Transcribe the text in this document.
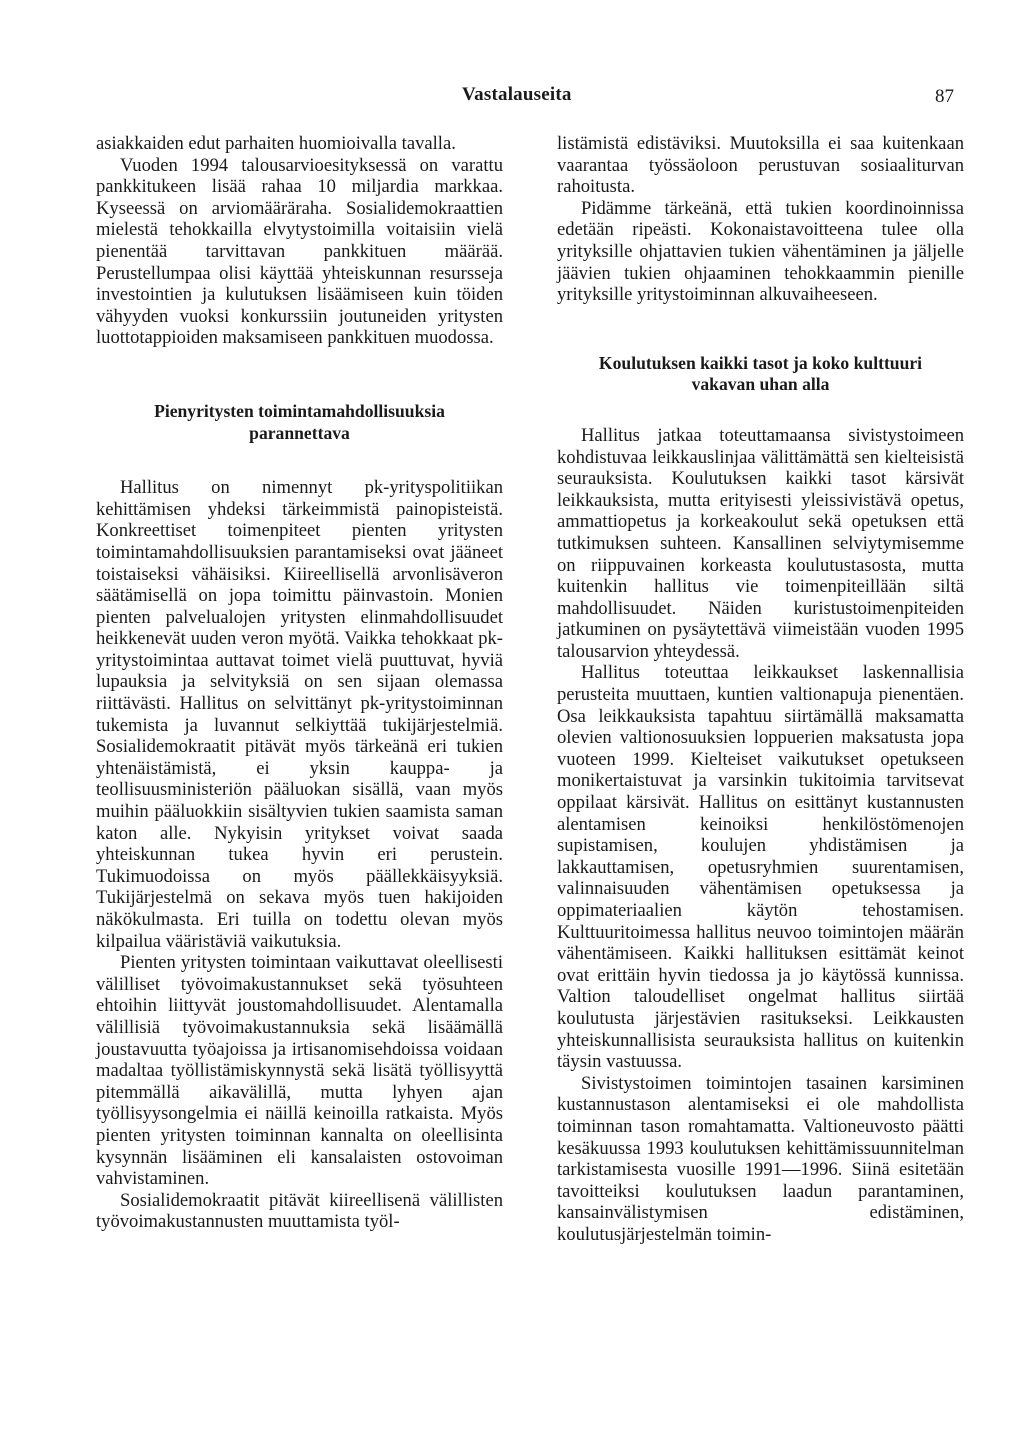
Vastalauseita	87

asiakkaiden edut parhaiten huomioivalla tavalla.

Vuoden 1994 talousarvioesityksessä on varattu pankkitukeen lisää rahaa 10 miljardia markkaa. Kyseessä on arviomääräraha. Sosialidemokraattien mielestä tehokkailla elvytystoimilla voitaisiin vielä pienentää tarvittavan pankkituen määrää. Perustellumpaa olisi käyttää yhteiskunnan resursseja investointien ja kulutuksen lisäämiseen kuin töiden vähyyden vuoksi konkurssiin joutuneiden yritysten luottotappioiden maksamiseen pankkituen muodossa.

Pienyritysten toimintamahdollisuuksia parannettava

Hallitus on nimennyt pk-yrityspolitiikan kehittämisen yhdeksi tärkeimmistä painopisteistä. Konkreettiset toimenpiteet pienten yritysten toimintamahdollisuuksien parantamiseksi ovat jääneet toistaiseksi vähäisiksi. Kiireellisellä arvonlisäveron säätämisellä on jopa toimittu päinvastoin. Monien pienten palvelualojen yritysten elinmahdollisuudet heikkenevät uuden veron myötä. Vaikka tehokkaat pk-yritystoimintaa auttavat toimet vielä puuttuvat, hyviä lupauksia ja selvityksiä on sen sijaan olemassa riittävästi. Hallitus on selvittänyt pk-yritystoiminnan tukemista ja luvannut selkiyttää tukijärjestelmiä. Sosialidemokraatit pitävät myös tärkeänä eri tukien yhtenäistämistä, ei yksin kauppa- ja teollisuusministeriön pääluokan sisällä, vaan myös muihin pääluokkiin sisältyvien tukien saamista saman katon alle. Nykyisin yritykset voivat saada yhteiskunnan tukea hyvin eri perustein. Tukimuodoissa on myös päällekkäisyyksiä. Tukijärjestelmä on sekava myös tuen hakijoiden näkökulmasta. Eri tuilla on todettu olevan myös kilpailua vääristäviä vaikutuksia.

Pienten yritysten toimintaan vaikuttavat oleellisesti välilliset työvoimakustannukset sekä työsuhteen ehtoihin liittyvät joustomahdollisuudet. Alentamalla välillisiä työvoimakustannuksia sekä lisäämällä joustavuutta työajoissa ja irtisanomisehdoissa voidaan madaltaa työllistämiskynnystä sekä lisätä työllisyyttä pitemmällä aikavälillä, mutta lyhyen ajan työllisyysongelmia ei näillä keinoilla ratkaista. Myös pienten yritysten toiminnan kannalta on oleellisinta kysynnän lisääminen eli kansalaisten ostovoiman vahvistaminen.

Sosialidemokraatit pitävät kiireellisenä välillisten työvoimakustannusten muuttamista työl-

listämistä edistäviksi. Muutoksilla ei saa kuitenkaan vaarantaa työssäoloon perustuvan sosiaaliturvan rahoitusta.

Pidämme tärkeänä, että tukien koordinoinnissa edetään ripeästi. Kokonaistavoitteena tulee olla yrityksille ohjattavien tukien vähentäminen ja jäljelle jäävien tukien ohjaaminen tehokkaammin pienille yrityksille yritystoiminnan alkuvaiheeseen.

Koulutuksen kaikki tasot ja koko kulttuuri vakavan uhan alla

Hallitus jatkaa toteuttamaansa sivistystoimeen kohdistuvaa leikkauslinjaa välittämättä sen kielteisistä seurauksista. Koulutuksen kaikki tasot kärsivät leikkauksista, mutta erityisesti yleissivistävä opetus, ammattiopetus ja korkeakoulut sekä opetuksen että tutkimuksen suhteen. Kansallinen selviytymisemme on riippuvainen korkeasta koulutustasosta, mutta kuitenkin hallitus vie toimenpiteillään siltä mahdollisuudet. Näiden kuristustoimenpiteiden jatkuminen on pysäytettävä viimeistään vuoden 1995 talousarvion yhteydessä.

Hallitus toteuttaa leikkaukset laskennallisia perusteita muuttaen, kuntien valtionapuja pienentäen. Osa leikkauksista tapahtuu siirtämällä maksamatta olevien valtionosuuksien loppuerien maksatusta jopa vuoteen 1999. Kielteiset vaikutukset opetukseen monikertaistuvat ja varsinkin tukitoimia tarvitsevat oppilaat kärsivät. Hallitus on esittänyt kustannusten alentamisen keinoiksi henkilöstömenojen supistamisen, koulujen yhdistämisen ja lakkauttamisen, opetusryhmien suurentamisen, valinnaisuuden vähentämisen opetuksessa ja oppimateriaalien käytön tehostamisen. Kulttuuritoimessa hallitus neuvoo toimintojen määrän vähentämiseen. Kaikki hallituksen esittämät keinot ovat erittäin hyvin tiedossa ja jo käytössä kunnissa. Valtion taloudelliset ongelmat hallitus siirtää koulutusta järjestävien rasitukseksi. Leikkausten yhteiskunnallisista seurauksista hallitus on kuitenkin täysin vastuussa.

Sivistystoimen toimintojen tasainen karsiminen kustannustason alentamiseksi ei ole mahdollista toiminnan tason romahtamatta. Valtioneuvosto päätti kesäkuussa 1993 koulutuksen kehittämissuunnitelman tarkistamisesta vuosille 1991—1996. Siinä esitetään tavoitteiksi koulutuksen laadun parantaminen, kansainvälistymisen edistäminen, koulutusjärjestelmän toimin-
